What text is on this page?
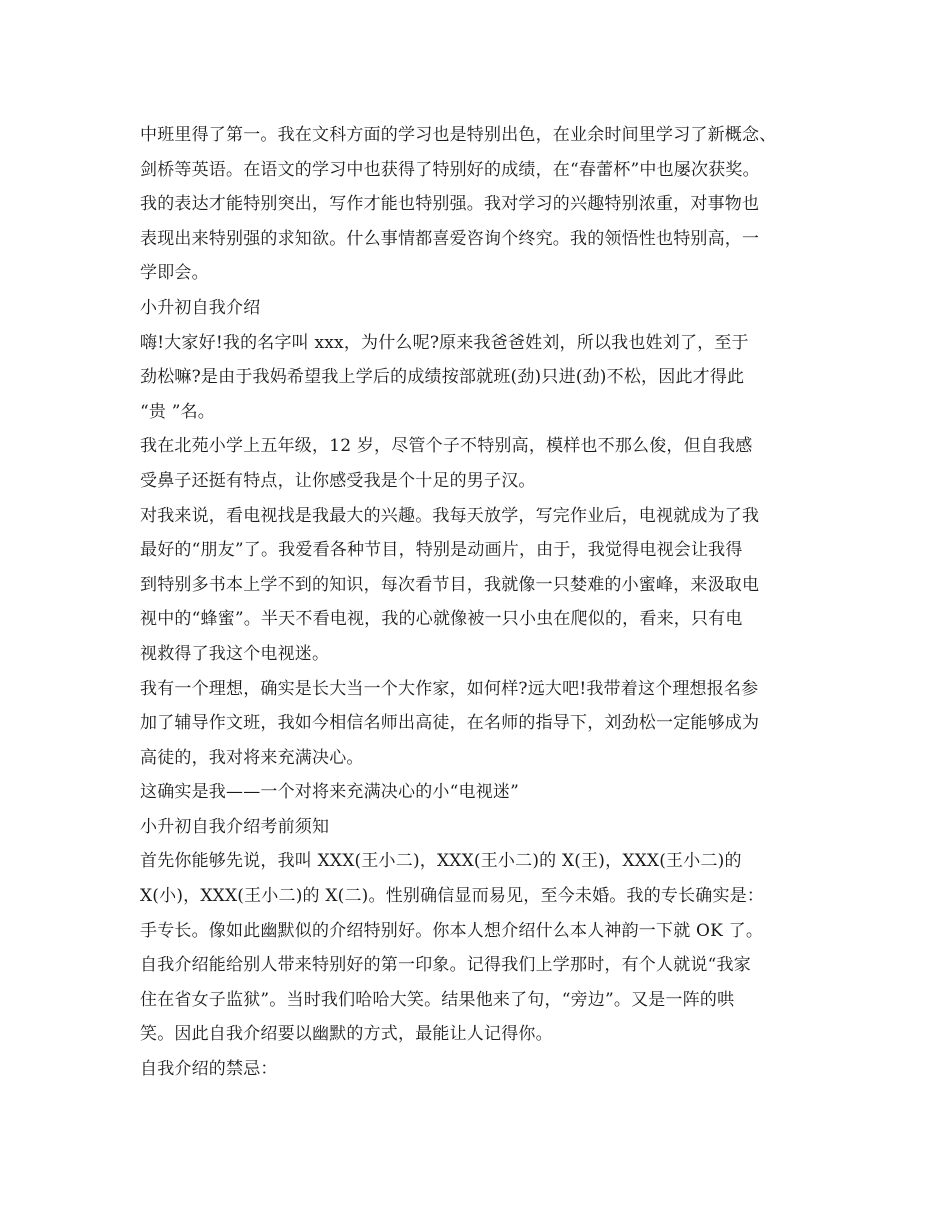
中班里得了第一。我在文科方面的学习也是特别出色，在业余时间里学习了新概念、
剑桥等英语。在语文的学习中也获得了特别好的成绩，在“春蕾杯”中也屡次获奖。
我的表达才能特别突出，写作才能也特别强。我对学习的兴趣特别浓重，对事物也
表现出来特别强的求知欲。什么事情都喜爱咨询个终究。我的领悟性也特别高，一
学即会。
小升初自我介绍
嗨!大家好!我的名字叫 xxx，为什么呢?原来我爸爸姓刘，所以我也姓刘了，至于
劲松嘛?是由于我妈希望我上学后的成绩按部就班(劲)只进(劲)不松，因此才得此
“贵 ”名。
我在北苑小学上五年级，12 岁，尽管个子不特别高，模样也不那么俊，但自我感
受鼻子还挺有特点，让你感受我是个十足的男子汉。
对我来说，看电视找是我最大的兴趣。我每天放学，写完作业后，电视就成为了我
最好的“朋友”了。我爱看各种节目，特别是动画片，由于，我觉得电视会让我得
到特别多书本上学不到的知识，每次看节目，我就像一只婪难的小蜜峰，来汲取电
视中的“蜂蜜”。半天不看电视，我的心就像被一只小虫在爬似的，看来，只有电
视救得了我这个电视迷。
我有一个理想，确实是长大当一个大作家，如何样?远大吧!我带着这个理想报名参
加了辅导作文班，我如今相信名师出高徒，在名师的指导下，刘劲松一定能够成为
高徒的，我对将来充满决心。
这确实是我——一个对将来充满决心的小“电视迷”
小升初自我介绍考前须知
首先你能够先说，我叫 XXX(王小二)，XXX(王小二)的 X(王)，XXX(王小二)的
X(小)，XXX(王小二)的 X(二)。性别确信显而易见，至今未婚。我的专长确实是：
手专长。像如此幽默似的介绍特别好。你本人想介绍什么本人神韵一下就 OK 了。
自我介绍能给别人带来特别好的第一印象。记得我们上学那时，有个人就说“我家
住在省女子监狱”。当时我们哈哈大笑。结果他来了句，“旁边”。又是一阵的哄
笑。因此自我介绍要以幽默的方式，最能让人记得你。
自我介绍的禁忌：
